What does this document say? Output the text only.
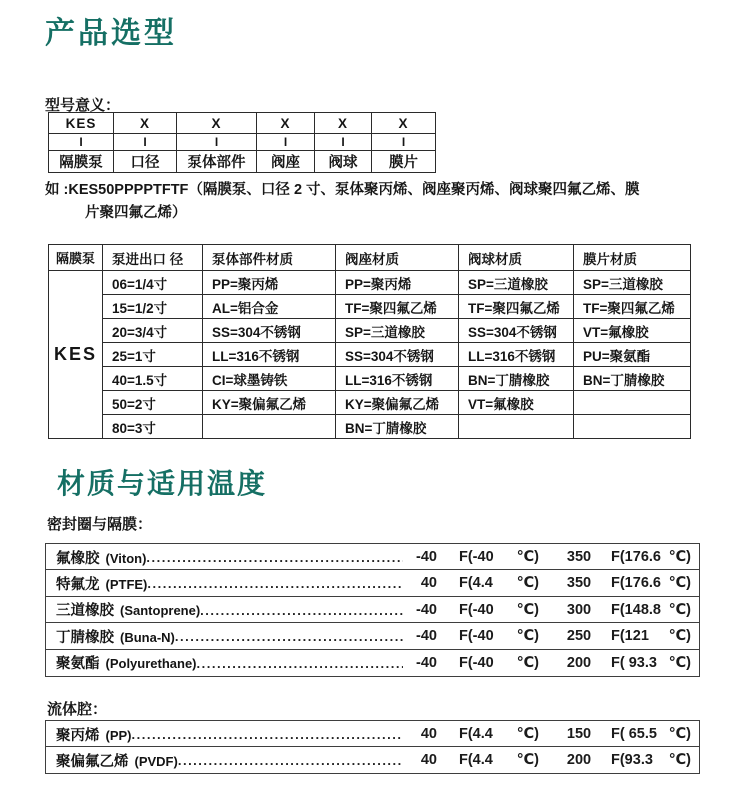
产品选型
型号意义：
KES	X	X	X	X	X
I	I	I	I	I	I
隔膜泵	口径	泵体部件	阀座	阀球	膜片
如 :KES50PPPPTFTF（隔膜泵、口径 2 寸、泵体聚丙烯、阀座聚丙烯、阀球聚四氟乙烯、膜
片聚四氟乙烯）
隔膜泵	泵进出口 径	泵体部件材质	阀座材质	阀球材质	膜片材质
KES	06=1/4寸	PP=聚丙烯	PP=聚丙烯	SP=三道橡胶	SP=三道橡胶
	15=1/2寸	AL=铝合金	TF=聚四氟乙烯	TF=聚四氟乙烯	TF=聚四氟乙烯
	20=3/4寸	SS=304不锈钢	SP=三道橡胶	SS=304不锈钢	VT=氟橡胶
	25=1寸	LL=316不锈钢	SS=304不锈钢	LL=316不锈钢	PU=聚氨酯
	40=1.5寸	CI=球墨铸铁	LL=316不锈钢	BN=丁腈橡胶	BN=丁腈橡胶
	50=2寸	KY=聚偏氟乙烯	KY=聚偏氟乙烯	VT=氟橡胶	
	80=3寸		BN=丁腈橡胶		
材质与适用温度
密封圈与隔膜：
氟橡胶 (Viton) .....	-40 F(-40 ℃)	350	F(176.6 ℃)
特氟龙 (PTFE) .....	40 F(4.4 ℃)	350	F(176.6 ℃)
三道橡胶 (Santoprene) .....	-40 F(-40 ℃)	300	F(148.8 ℃)
丁腈橡胶 (Buna-N) .....	-40 F(-40 ℃)	250	F(121 ℃)
聚氨酯 (Polyurethane) .....	-40 F(-40 ℃)	200	F( 93.3 ℃)
流体腔：
聚丙烯 (PP) .....	40 F(4.4 ℃)	150	F( 65.5 ℃)
聚偏氟乙烯 (PVDF) .....	40 F(4.4 ℃)	200	F(93.3 ℃)
